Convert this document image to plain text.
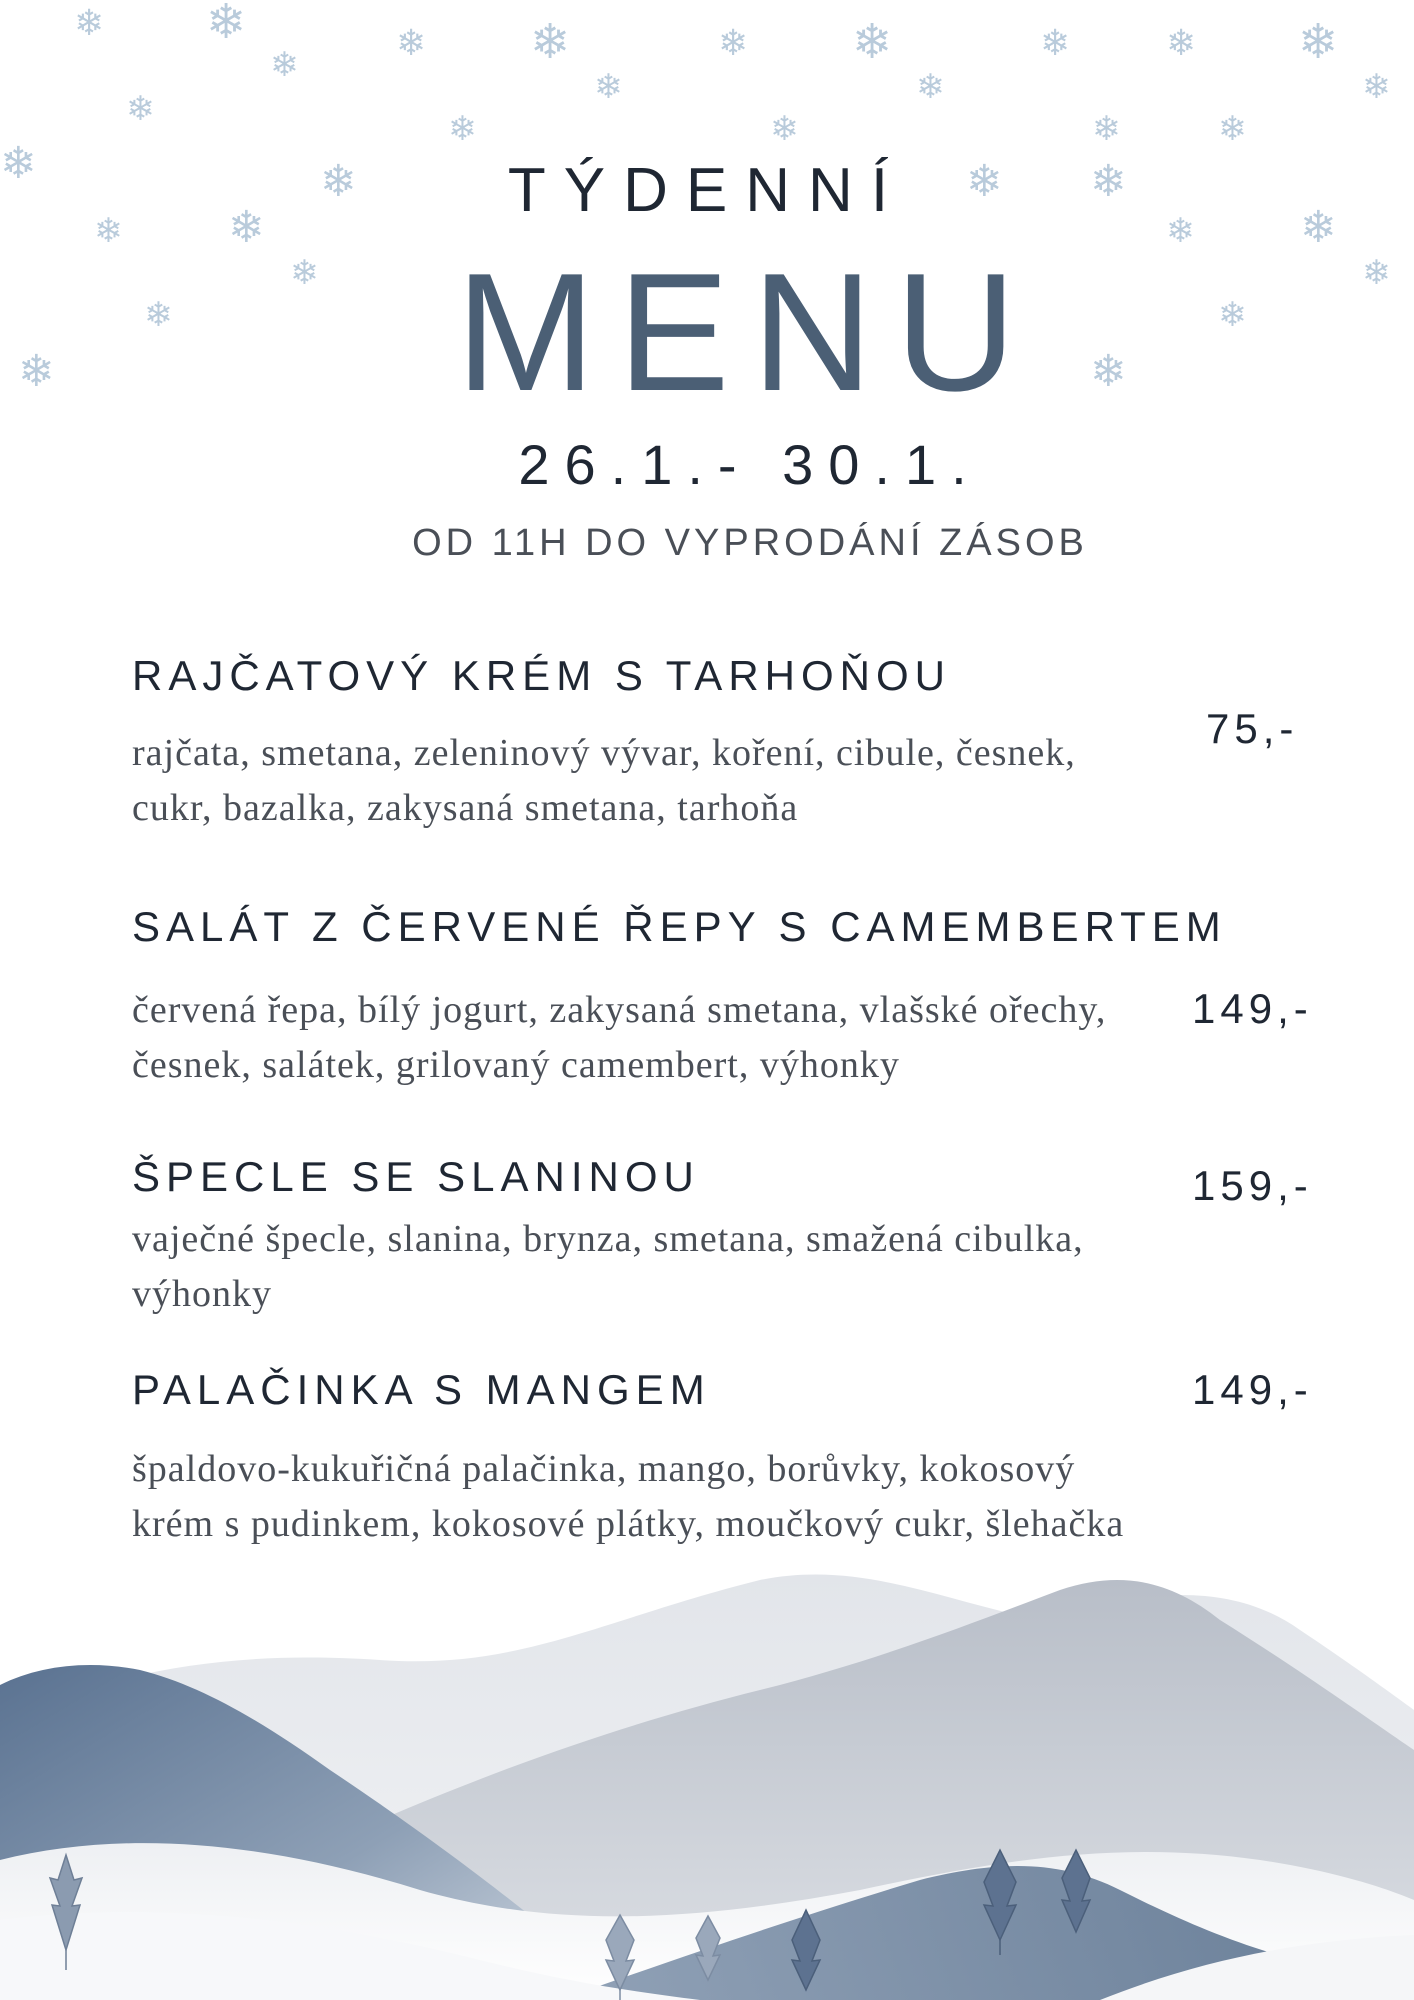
❄ ❄
❄
❄ ❄
❄
❄ ❄
❄
❄	❄ ❄
❄
❄	❄	❄	❄	❄
❄	❄	❄ ❄
❄ ❄	❄ ❄
❄	❄
❄	❄
❄	❄
TÝDENNÍ
MENU
26.1.- 30.1.
OD 11H DO VYPRODÁNÍ ZÁSOB
RAJČATOVÝ KRÉM S TARHOŇOU
75,-
rajčata, smetana, zeleninový vývar, koření, cibule, česnek, cukr, bazalka, zakysaná smetana, tarhoňa
SALÁT Z ČERVENÉ ŘEPY S CAMEMBERTEM
149,-
červená řepa, bílý jogurt, zakysaná smetana, vlašské ořechy, česnek, salátek, grilovaný camembert, výhonky
ŠPECLE SE SLANINOU	159,-
vaječné špecle, slanina, brynza, smetana, smažená cibulka, výhonky
PALAČINKA S MANGEM	149,-
špaldovo-kukuřičná palačinka, mango, borůvky, kokosový krém s pudinkem, kokosové plátky, moučkový cukr, šlehačka
